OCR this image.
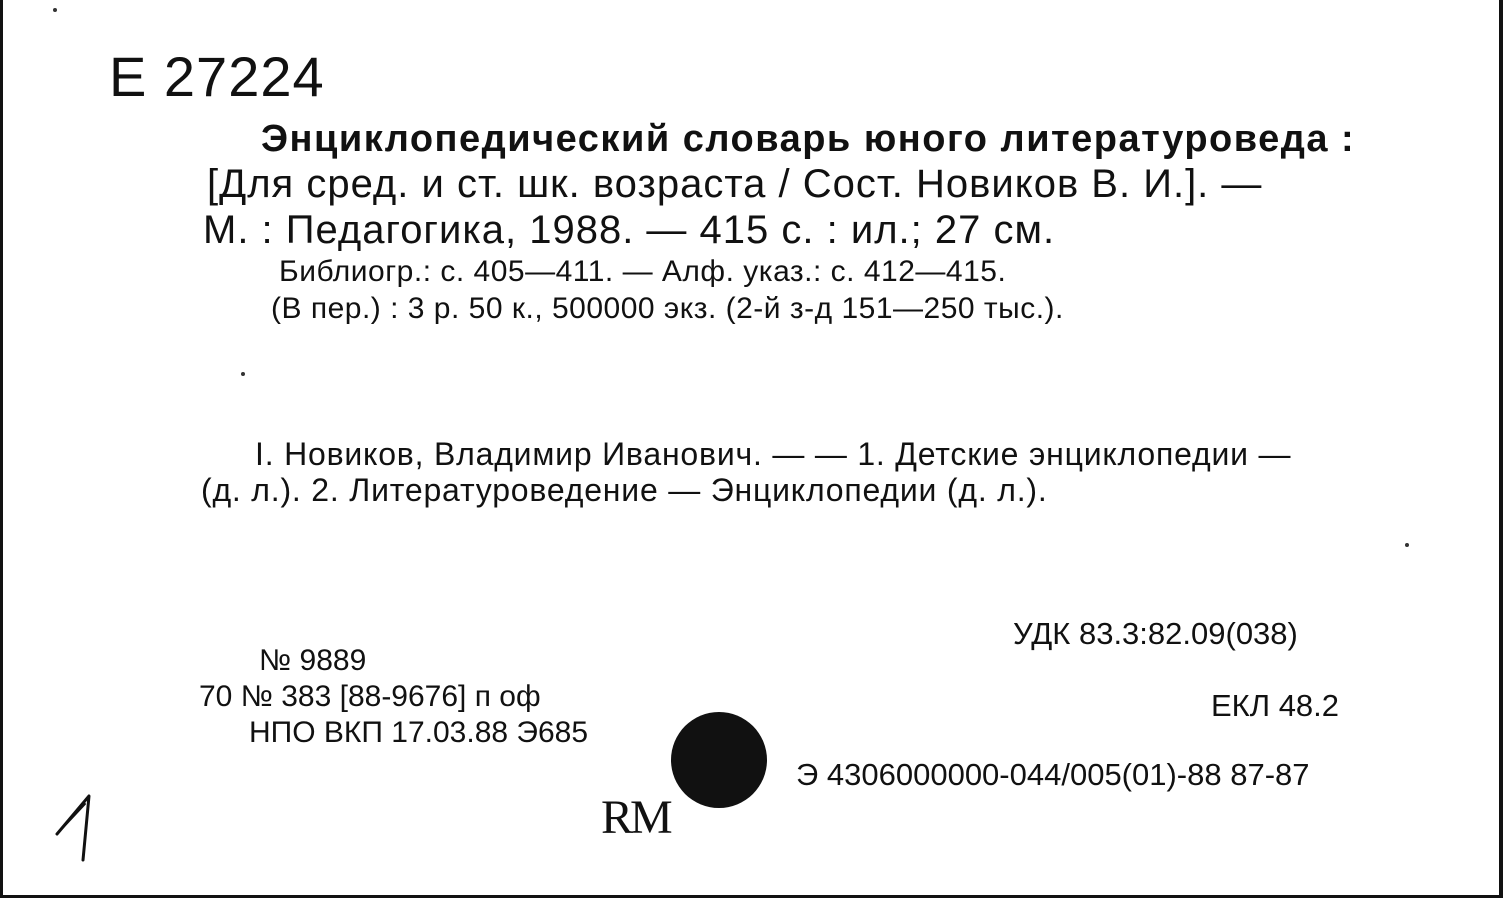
Е 27224
Энциклопедический словарь юного литературоведа :
[Для сред. и ст. шк. возраста / Сост. Новиков В. И.]. —
М. : Педагогика, 1988. — 415 с. : ил.; 27 см.
Библиогр.: с. 405—411. — Алф. указ.: с. 412—415.
(В пер.) : 3 р. 50 к., 500000 экз. (2-й з-д 151—250 тыс.).
I. Новиков, Владимир Иванович. — — 1. Детские энциклопедии —
(д. л.). 2. Литературоведение — Энциклопедии (д. л.).
№ 9889
70 № 383 [88-9676] п оф
НПО ВКП 17.03.88 Э685
УДК 83.3:82.09(038)
ЕКЛ 48.2
Э 4306000000-044/005(01)-88 87-87
RM
